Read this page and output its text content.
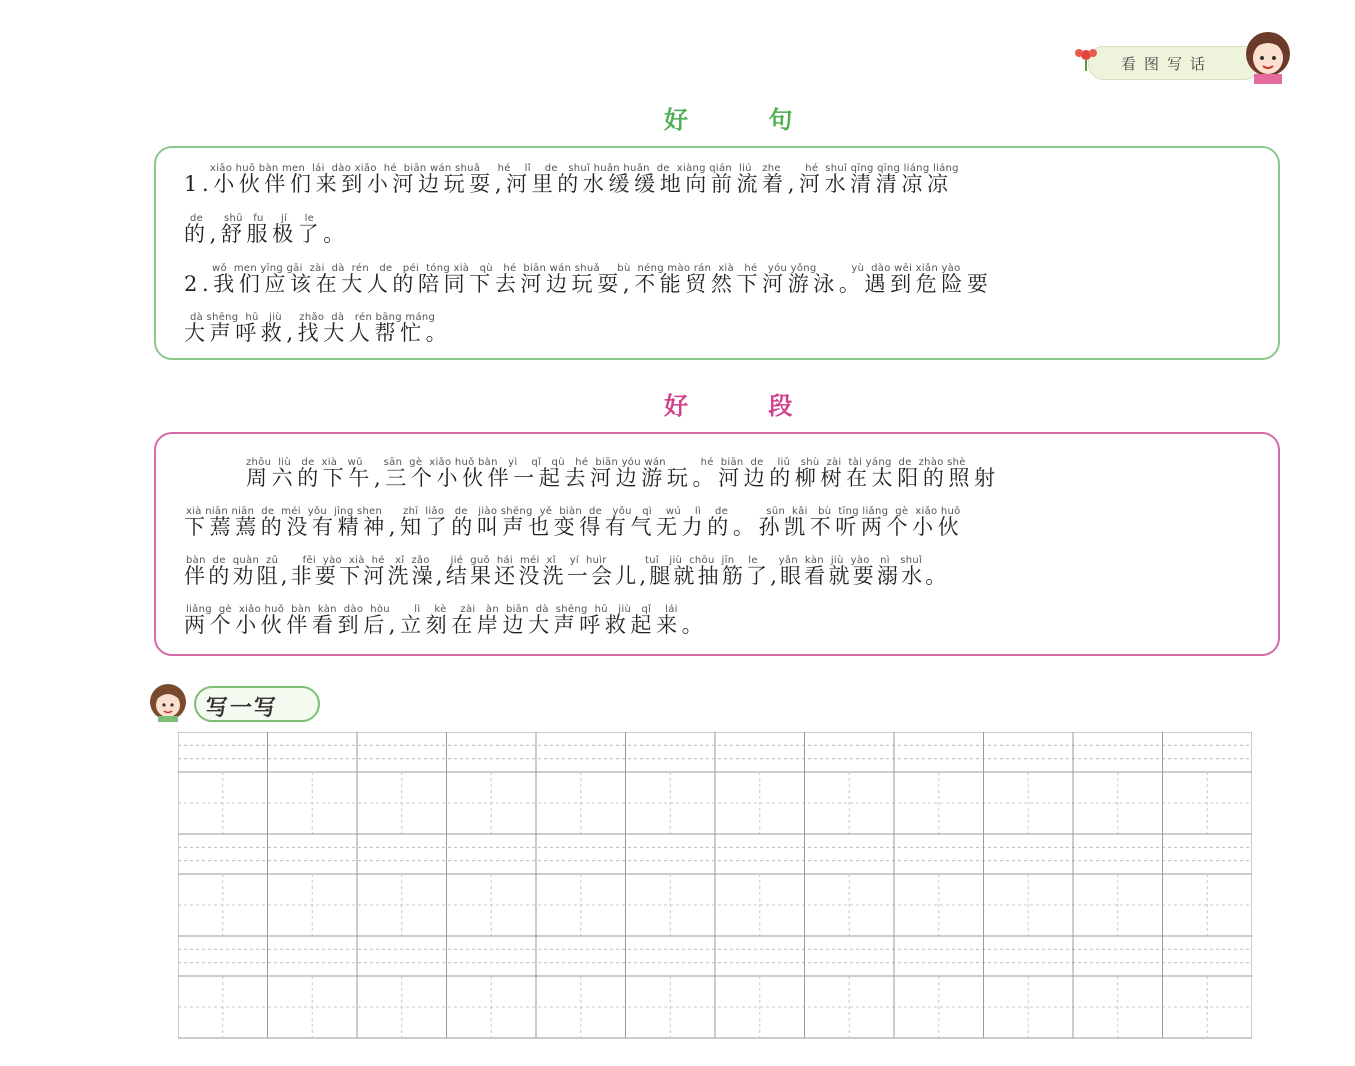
看图写话
好 句
xiǎo huǒ bàn men  lái  dào xiǎo  hé  biān wán shuǎ     hé    lǐ    de   shuǐ huǎn huǎn  de  xiàng qián  liú   zhe       hé  shuǐ qīng qīng liáng liáng
1.小伙伴们来到小河边玩耍,河里的水缓缓地向前流着,河水清清凉凉
de      shū   fu     jí     le
的,舒服极了。
wǒ  men yīng gāi  zài  dà  rén   de   péi  tóng xià   qù   hé  biān wán shuǎ     bù  néng mào rán  xià   hé   yóu yǒng          yù  dào wēi xiǎn yào
2.我们应该在大人的陪同下去河边玩耍,不能贸然下河游泳。遇到危险要
dà shēng  hū   jiù     zhǎo  dà   rén bāng máng
大声呼救,找大人帮忙。
好 段
zhōu  liù   de  xià   wǔ      sān  gè  xiǎo huǒ bàn   yì    qǐ   qù   hé  biān yóu wán          hé  biān  de    liǔ   shù  zài  tài yáng  de  zhào shè
周六的下午,三个小伙伴一起去河边游玩。河边的柳树在太阳的照射
xià niān niān  de  méi  yǒu  jīng shen      zhī  liǎo   de   jiào shēng  yě  biàn  de   yǒu   qì    wú    lì    de           sūn  kǎi   bù  tīng liǎng  gè  xiǎo huǒ
下蔫蔫的没有精神,知了的叫声也变得有气无力的。孙凯不听两个小伙
bàn  de  quàn  zǔ       fēi  yào  xià  hé   xǐ  zǎo      jié  guǒ  hái  méi  xǐ    yí  huìr           tuǐ   jiù  chōu  jīn    le      yǎn  kàn  jiù  yào   nì   shuǐ
伴的劝阻,非要下河洗澡,结果还没洗一会儿,腿就抽筋了,眼看就要溺水。
liǎng  gè  xiǎo huǒ  bàn  kàn  dào  hòu       lì    kè    zài   àn  biān  dà  shēng  hū   jiù   qǐ    lái
两个小伙伴看到后,立刻在岸边大声呼救起来。
写一写
